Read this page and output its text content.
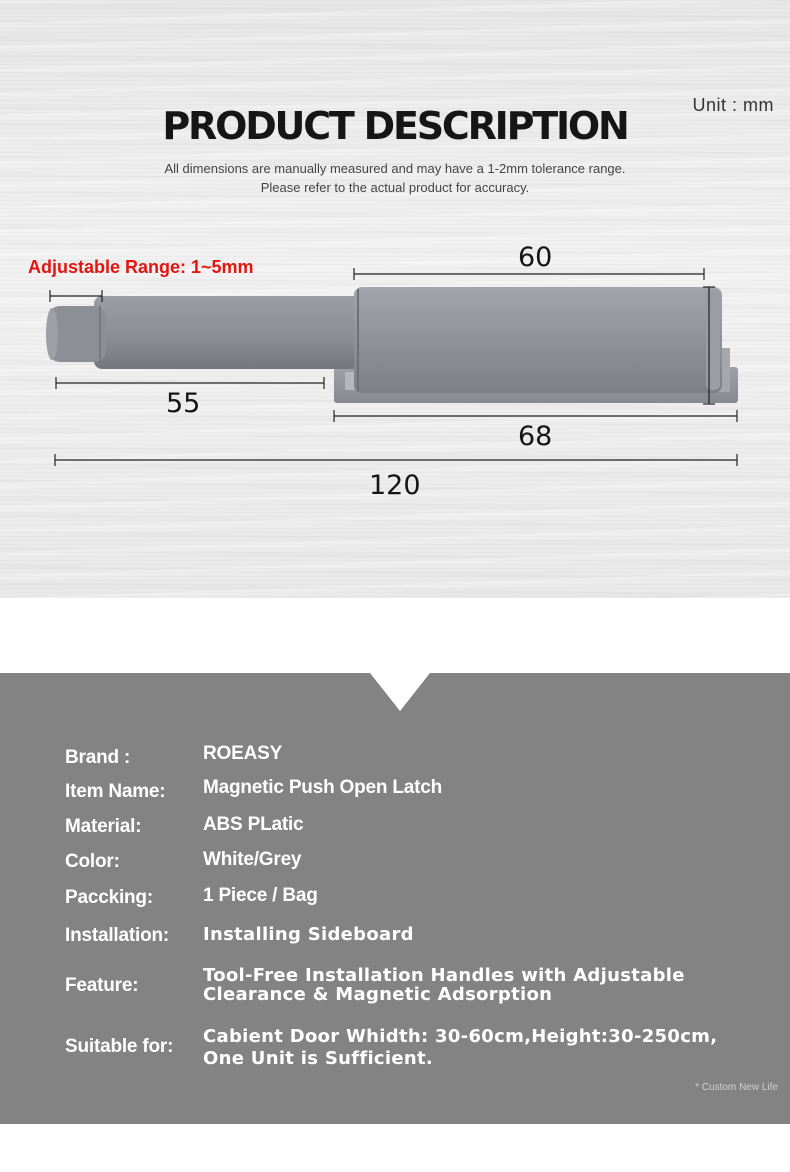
PRODUCT DESCRIPTION	Unit : mm
All dimensions are manually measured and may have a 1-2mm tolerance range.
Please refer to the actual product for accuracy.
Adjustable Range: 1~5mm	60
55
68
120
Brand :	ROEASY
Item Name: Magnetic Push Open Latch
Material:	ABS PLatic
Color:	White/Grey
Paccking:	1 Piece / Bag
Installation: Installing Sideboard
Feature:	Tool-Free Installation Handles with Adjustable
Clearance & Magnetic Adsorption
Suitable for: Cabient Door Whidth: 30-60cm,Height:30-250cm,
One Unit is Sufficient.
* Custom New Life
